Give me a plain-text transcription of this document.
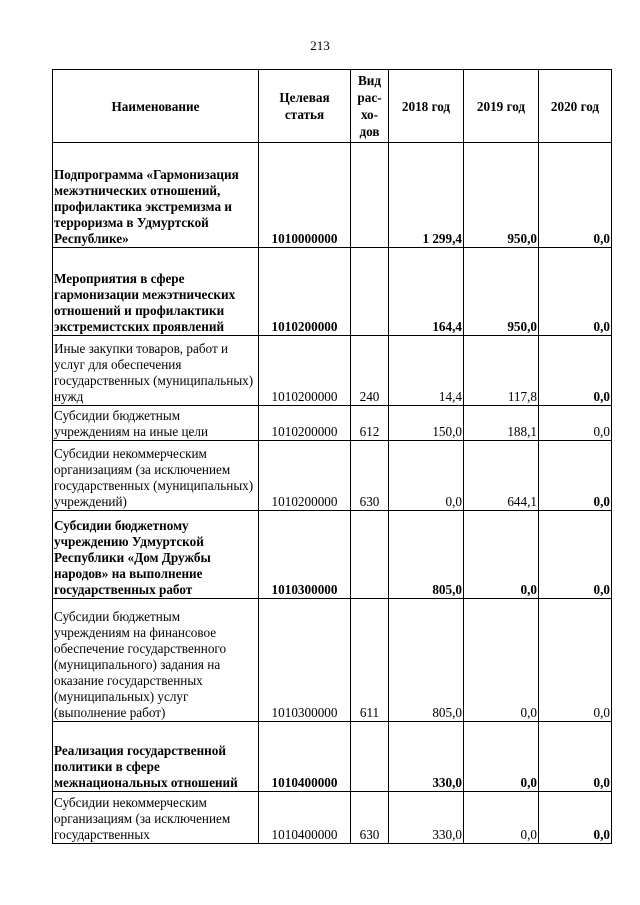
213
Наименование	Целевая статья	Вид рас-хо-дов	2018 год	2019 год	2020 год
Подпрограмма «Гармонизация межэтнических отношений, профилактика экстремизма и терроризма в Удмуртской Республике»	1010000000		1 299,4	950,0	0,0
Мероприятия в сфере гармонизации межэтнических отношений и профилактики экстремистских проявлений	1010200000		164,4	950,0	0,0
Иные закупки товаров, работ и услуг для обеспечения государственных (муниципальных) нужд	1010200000	240	14,4	117,8	0,0
Субсидии бюджетным учреждениям на иные цели	1010200000	612	150,0	188,1	0,0
Субсидии некоммерческим организациям (за исключением государственных (муниципальных) учреждений)	1010200000	630	0,0	644,1	0,0
Субсидии бюджетному учреждению Удмуртской Республики «Дом Дружбы народов» на выполнение государственных работ	1010300000		805,0	0,0	0,0
Субсидии бюджетным учреждениям на финансовое обеспечение государственного (муниципального) задания на оказание государственных (муниципальных) услуг (выполнение работ)	1010300000	611	805,0	0,0	0,0
Реализация государственной политики в сфере межнациональных отношений	1010400000		330,0	0,0	0,0
Субсидии некоммерческим организациям (за исключением государственных	1010400000	630	330,0	0,0	0,0
